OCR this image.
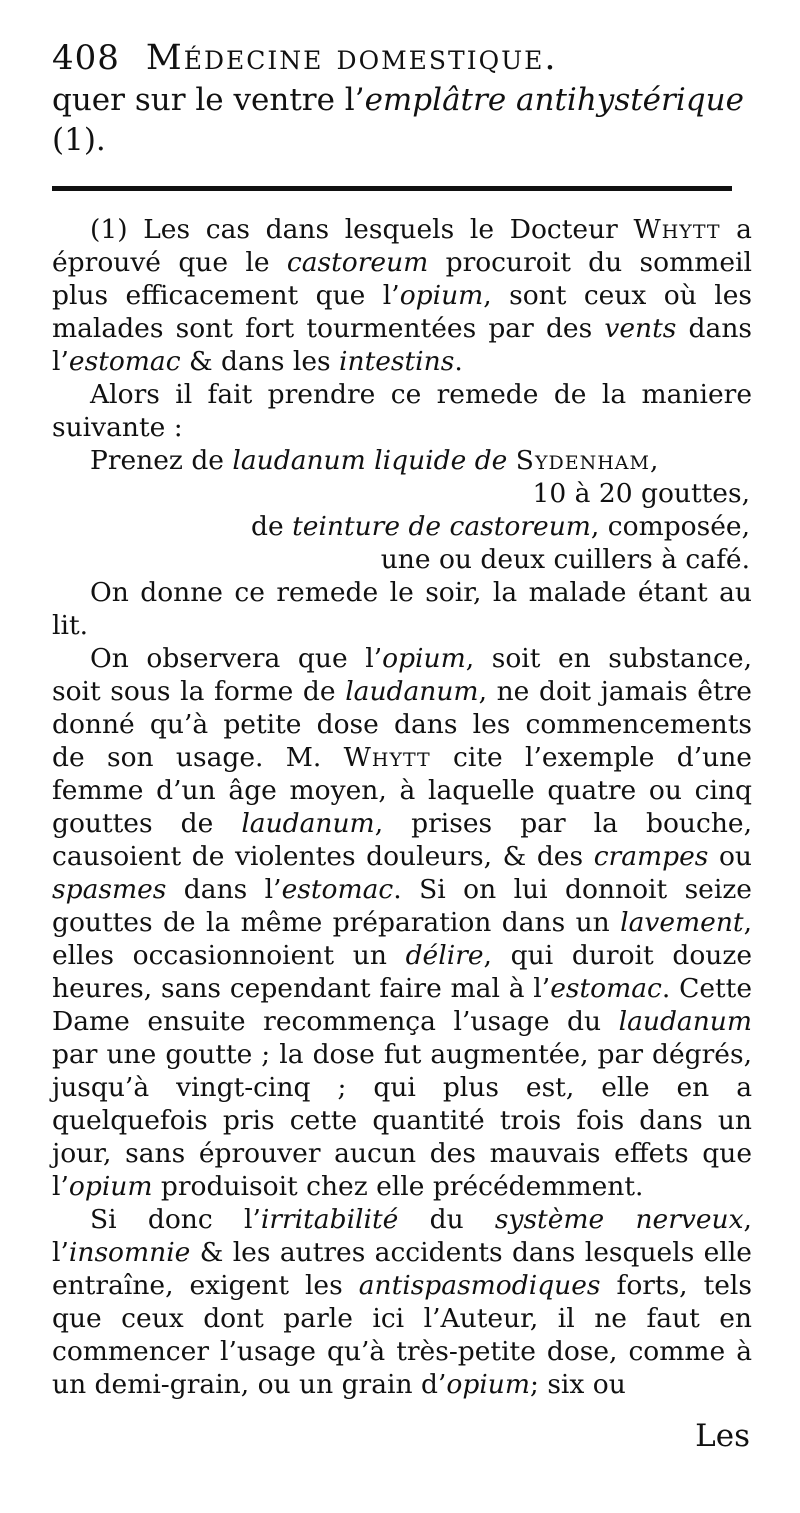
408 Médecine domestique.
quer sur le ventre l’emplâtre antihystérique (1).

(1) Les cas dans lesquels le Docteur Whytt a éprouvé que le castoreum procuroit du sommeil plus efficacement que l’opium, sont ceux où les malades sont fort tourmentées par des vents dans l’estomac & dans les intestins.

Alors il fait prendre ce remede de la maniere suivante :

Prenez de laudanum liquide de Sydenham,

10 à 20 gouttes,
de teinture de castoreum, composée,
une ou deux cuillers à café.

On donne ce remede le soir, la malade étant au lit.

On observera que l’opium, soit en substance, soit sous la forme de laudanum, ne doit jamais être donné qu’à petite dose dans les commencements de son usage. M. Whytt cite l’exemple d’une femme d’un âge moyen, à laquelle quatre ou cinq gouttes de laudanum, prises par la bouche, causoient de violentes douleurs, & des crampes ou spasmes dans l’estomac. Si on lui donnoit seize gouttes de la même préparation dans un lavement, elles occasionnoient un délire, qui duroit douze heures, sans cependant faire mal à l’estomac. Cette Dame ensuite recommença l’usage du laudanum par une goutte ; la dose fut augmentée, par dégrés, jusqu’à vingt-cinq ; qui plus est, elle en a quelquefois pris cette quantité trois fois dans un jour, sans éprouver aucun des mauvais effets que l’opium produisoit chez elle précédemment.

Si donc l’irritabilité du système nerveux, l’insomnie & les autres accidents dans lesquels elle entraîne, exigent les antispasmodiques forts, tels que ceux dont parle ici l’Auteur, il ne faut en commencer l’usage qu’à très-petite dose, comme à un demi-grain, ou un grain d’opium; six ou

Les
